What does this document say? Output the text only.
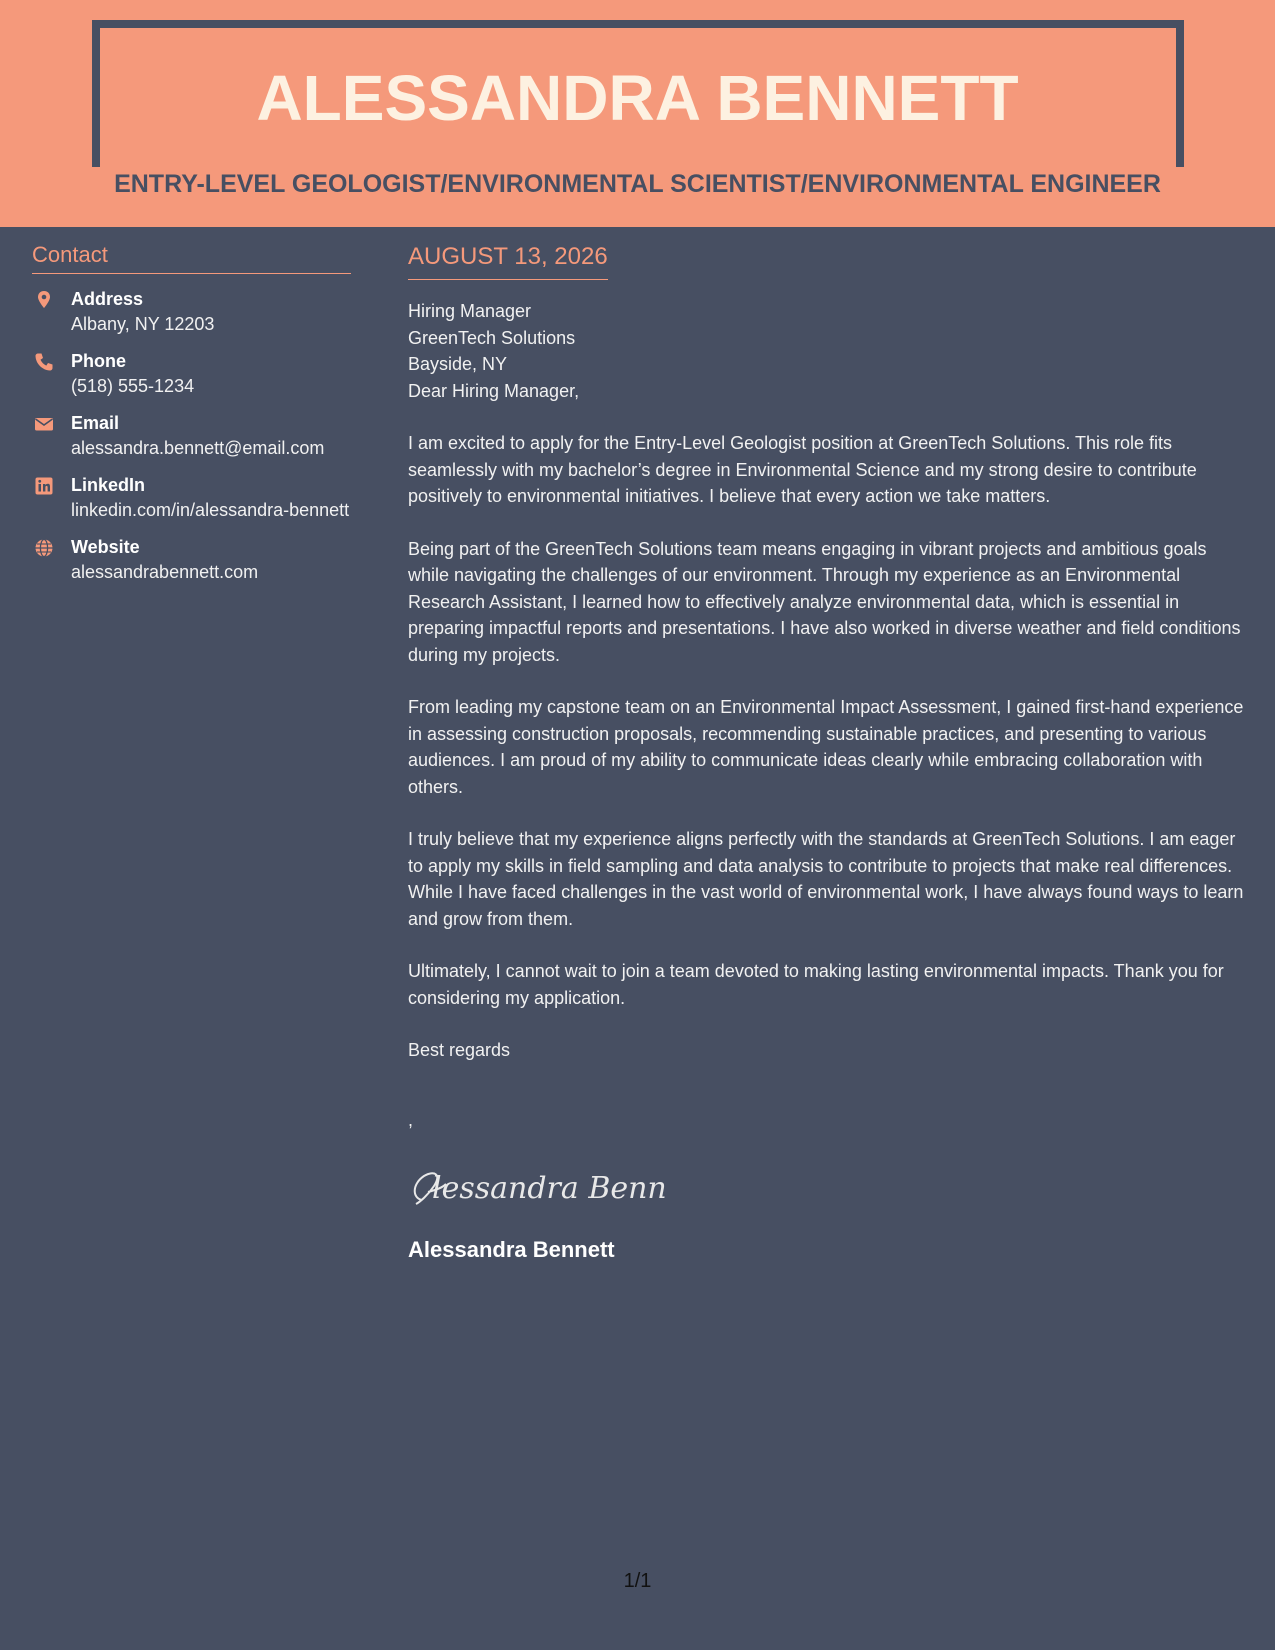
ALESSANDRA BENNETT
ENTRY-LEVEL GEOLOGIST/ENVIRONMENTAL SCIENTIST/ENVIRONMENTAL ENGINEER
Contact
Address
Albany, NY 12203
Phone
(518) 555-1234
Email
alessandra.bennett@email.com
LinkedIn
linkedin.com/in/alessandra-bennett
Website
alessandrabennett.com
AUGUST 13, 2026
Hiring Manager
GreenTech Solutions
Bayside, NY

Dear Hiring Manager,

I am excited to apply for the Entry-Level Geologist position at GreenTech Solutions. This role fits seamlessly with my bachelor’s degree in Environmental Science and my strong desire to contribute positively to environmental initiatives. I believe that every action we take matters.

Being part of the GreenTech Solutions team means engaging in vibrant projects and ambitious goals while navigating the challenges of our environment. Through my experience as an Environmental Research Assistant, I learned how to effectively analyze environmental data, which is essential in preparing impactful reports and presentations. I have also worked in diverse weather and field conditions during my projects.

From leading my capstone team on an Environmental Impact Assessment, I gained first-hand experience in assessing construction proposals, recommending sustainable practices, and presenting to various audiences. I am proud of my ability to communicate ideas clearly while embracing collaboration with others.

I truly believe that my experience aligns perfectly with the standards at GreenTech Solutions. I am eager to apply my skills in field sampling and data analysis to contribute to projects that make real differences. While I have faced challenges in the vast world of environmental work, I have always found ways to learn and grow from them.

Ultimately, I cannot wait to join a team devoted to making lasting environmental impacts. Thank you for considering my application.

Best regards

,
lessandra Benn
Alessandra Bennett
1/1
